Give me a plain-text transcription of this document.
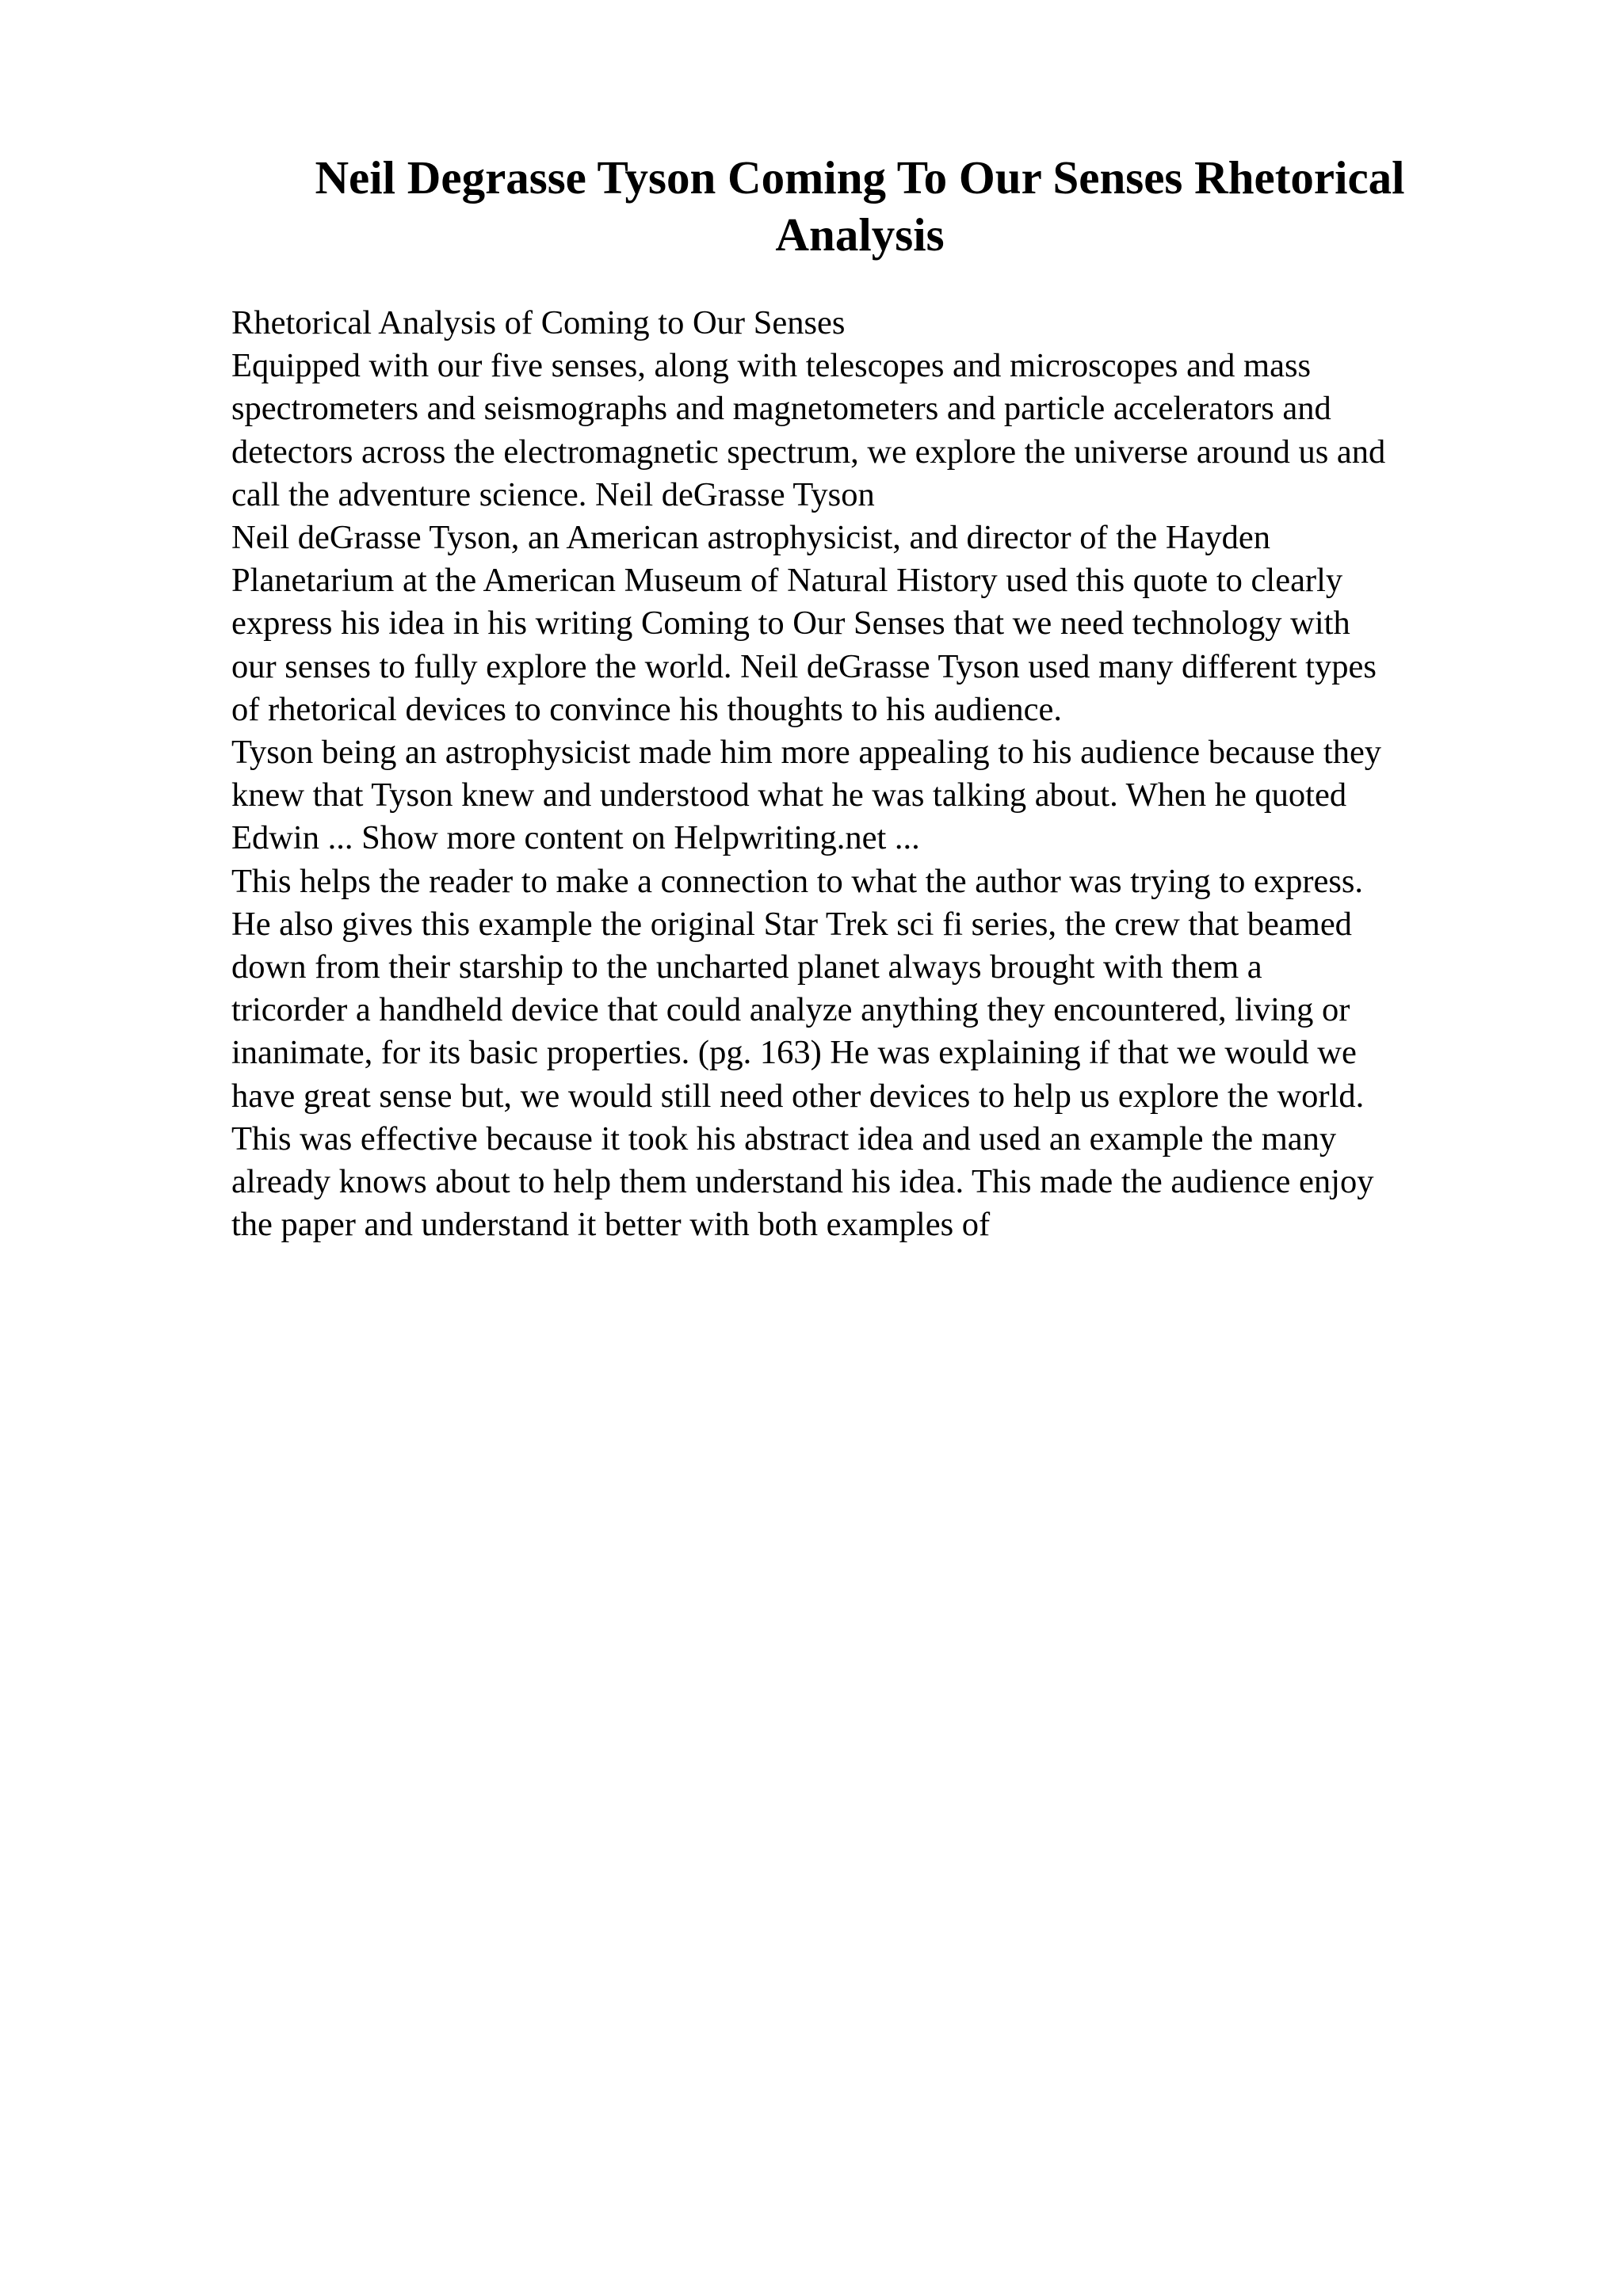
Neil Degrasse Tyson Coming To Our Senses Rhetorical
Analysis
Rhetorical Analysis of Coming to Our Senses
Equipped with our five senses, along with telescopes and microscopes and mass
spectrometers and seismographs and magnetometers and particle accelerators and
detectors across the electromagnetic spectrum, we explore the universe around us and
call the adventure science. Neil deGrasse Tyson
Neil deGrasse Tyson, an American astrophysicist, and director of the Hayden
Planetarium at the American Museum of Natural History used this quote to clearly
express his idea in his writing Coming to Our Senses that we need technology with
our senses to fully explore the world. Neil deGrasse Tyson used many different types
of rhetorical devices to convince his thoughts to his audience.
Tyson being an astrophysicist made him more appealing to his audience because they
knew that Tyson knew and understood what he was talking about. When he quoted
Edwin ... Show more content on Helpwriting.net ...
This helps the reader to make a connection to what the author was trying to express.
He also gives this example the original Star Trek sci fi series, the crew that beamed
down from their starship to the uncharted planet always brought with them a
tricorder a handheld device that could analyze anything they encountered, living or
inanimate, for its basic properties. (pg. 163) He was explaining if that we would we
have great sense but, we would still need other devices to help us explore the world.
This was effective because it took his abstract idea and used an example the many
already knows about to help them understand his idea. This made the audience enjoy
the paper and understand it better with both examples of
